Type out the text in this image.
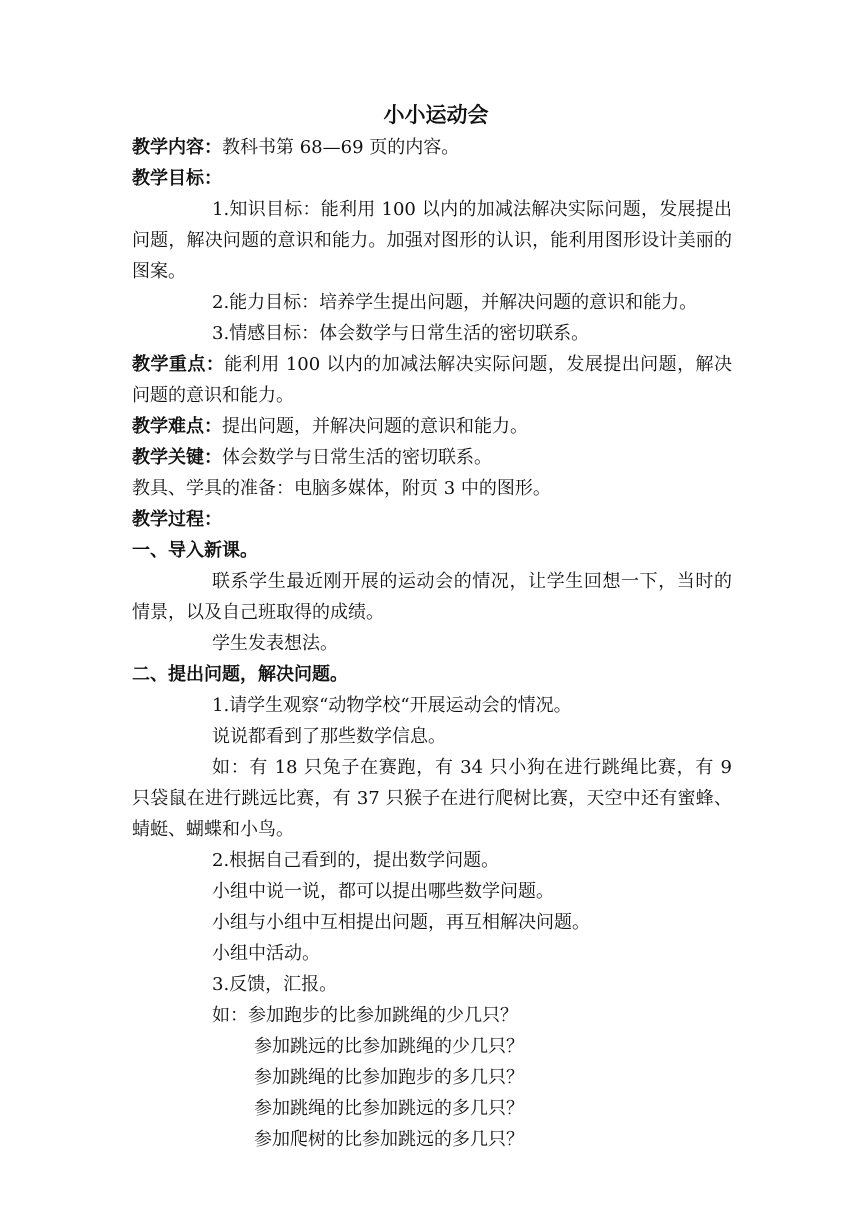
小小运动会

教学内容：教科书第 68—69 页的内容。

教学目标：

1.知识目标：能利用 100 以内的加减法解决实际问题，发展提出问题，解决问题的意识和能力。加强对图形的认识，能利用图形设计美丽的图案。

2.能力目标：培养学生提出问题，并解决问题的意识和能力。

3.情感目标：体会数学与日常生活的密切联系。

教学重点：能利用 100 以内的加减法解决实际问题，发展提出问题，解决问题的意识和能力。

教学难点：提出问题，并解决问题的意识和能力。

教学关键：体会数学与日常生活的密切联系。

教具、学具的准备：电脑多媒体，附页 3 中的图形。

教学过程：

一、导入新课。

联系学生最近刚开展的运动会的情况，让学生回想一下，当时的情景，以及自己班取得的成绩。

学生发表想法。

二、提出问题，解决问题。

1.请学生观察“动物学校“开展运动会的情况。

说说都看到了那些数学信息。

如：有 18 只兔子在赛跑，有 34 只小狗在进行跳绳比赛，有 9 只袋鼠在进行跳远比赛，有 37 只猴子在进行爬树比赛，天空中还有蜜蜂、蜻蜓、蝴蝶和小鸟。

2.根据自己看到的，提出数学问题。

小组中说一说，都可以提出哪些数学问题。

小组与小组中互相提出问题，再互相解决问题。

小组中活动。

3.反馈，汇报。

如：参加跑步的比参加跳绳的少几只？

参加跳远的比参加跳绳的少几只？

参加跳绳的比参加跑步的多几只？

参加跳绳的比参加跳远的多几只？

参加爬树的比参加跳远的多几只？
